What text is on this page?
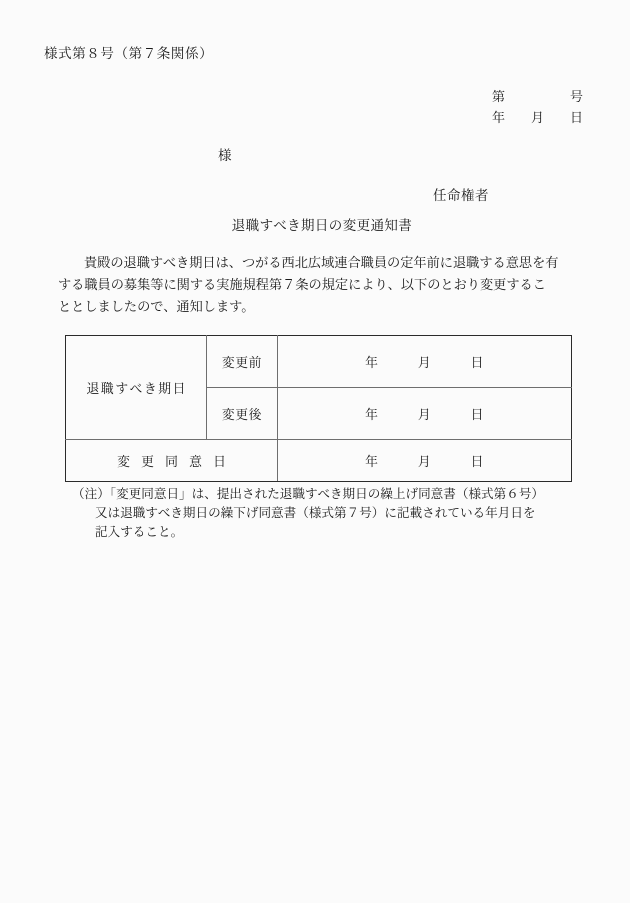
様式第８号（第７条関係）
第　　　　　号
年　　月　　日
様
任命権者
退職すべき期日の変更通知書
貴殿の退職すべき期日は、つがる西北広域連合職員の定年前に退職する意思を有
する職員の募集等に関する実施規程第７条の規定により、以下のとおり変更するこ
ととしましたので、通知します。
退職すべき期日	変更前	年　　　月　　　日
	変更後	年　　　月　　　日
変 更 同 意 日		年　　　月　　　日
（注）「変更同意日」は、提出された退職すべき期日の繰上げ同意書（様式第６号）
又は退職すべき期日の繰下げ同意書（様式第７号）に記載されている年月日を
記入すること。
